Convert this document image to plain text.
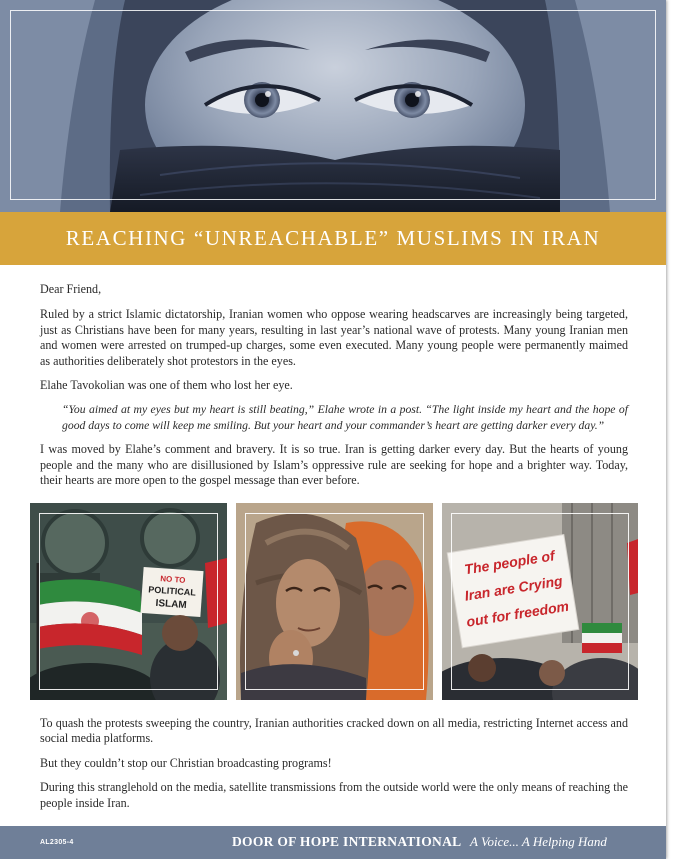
REACHING “UNREACHABLE” MUSLIMS IN IRAN

Dear Friend,

Ruled by a strict Islamic dictatorship, Iranian women who oppose wearing headscarves are increasingly being targeted, just as Christians have been for many years, resulting in last year’s national wave of protests. Many young Iranian men and women were arrested on trumped-up charges, some even executed. Many young people were permanently maimed as authorities deliberately shot protestors in the eyes.

Elahe Tavokolian was one of them who lost her eye.

“You aimed at my eyes but my heart is still beating,” Elahe wrote in a post. “The light inside my heart and the hope of good days to come will keep me smiling. But your heart and your commander’s heart are getting darker every day.”

I was moved by Elahe’s comment and bravery. It is so true. Iran is getting darker every day. But the hearts of young people and the many who are disillusioned by Islam’s oppressive rule are seeking for hope and a brighter way. Today, their hearts are more open to the gospel message than ever before.

NO TO
POLITICAL
ISLAM
The people of
Iran are Crying
out for freedom

To quash the protests sweeping the country, Iranian authorities cracked down on all media, restricting Internet access and social media platforms.

But they couldn’t stop our Christian broadcasting programs!

During this stranglehold on the media, satellite transmissions from the outside world were the only means of reaching the people inside Iran.

AL2305-4	DOOR OF HOPE INTERNATIONAL A Voice... A Helping Hand
